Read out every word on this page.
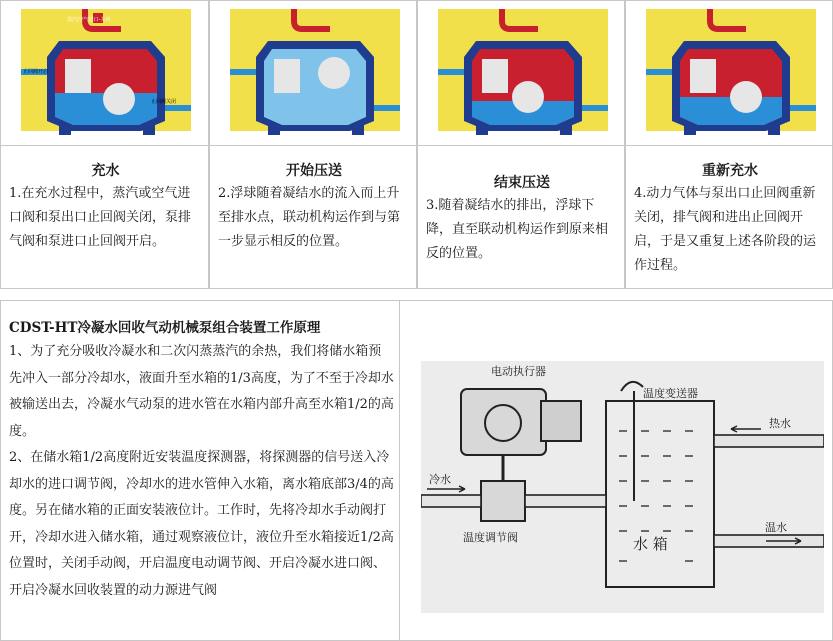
蒸汽/空气进口-关闭
止回阀开启
止回阀关闭
充水
1.在充水过程中，蒸汽或空气进口阀和泵出口止回阀关闭，泵排气阀和泵进口止回阀开启。
开始压送
2.浮球随着凝结水的流入而上升至排水点，联动机构运作到与第一步显示相反的位置。
结束压送
3.随着凝结水的排出，浮球下降，直至联动机构运作到原来相反的位置。
重新充水
4.动力气体与泵出口止回阀重新关闭，排气阀和进出止回阀开启，于是又重复上述各阶段的运作过程。
CDST-HT冷凝水回收气动机械泵组合装置工作原理
1、为了充分吸收冷凝水和二次闪蒸蒸汽的余热，我们将储水箱预先冲入一部分冷却水，液面升至水箱的1/3高度，为了不至于冷却水被输送出去，冷凝水气动泵的进水管在水箱内部升高至水箱1/2的高度。
2、在储水箱1/2高度附近安装温度探测器，将探测器的信号送入冷却水的进口调节阀，冷却水的进水管伸入水箱，离水箱底部3/4的高度。另在储水箱的正面安装液位计。工作时，先将冷却水手动阀打开，冷却水进入储水箱，通过观察液位计，液位升至水箱接近1/2高位置时，关闭手动阀，开启温度电动调节阀、开启冷凝水进口阀、开启冷凝水回收装置的动力源进气阀
电动执行器
温度变送器
热水
冷水
温水
温度调节阀	水 箱
